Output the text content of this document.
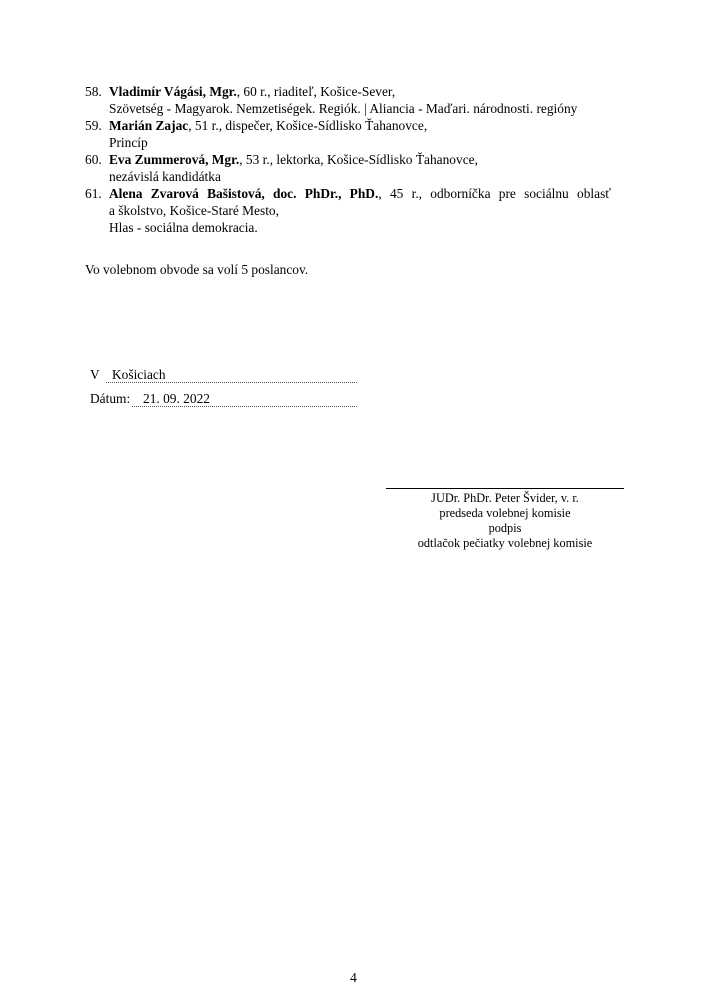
58. Vladimír Vágási, Mgr., 60 r., riaditeľ, Košice-Sever,
Szövetség - Magyarok. Nemzetiségek. Regiók. | Aliancia - Maďari. národnosti. regióny
59. Marián Zajac, 51 r., dispečer, Košice-Sídlisko Ťahanovce,
Princíp
60. Eva Zummerová, Mgr., 53 r., lektorka, Košice-Sídlisko Ťahanovce,
nezávislá kandidátka
61. Alena Zvarová Bašistová, doc. PhDr., PhD., 45 r., odborníčka pre sociálnu oblasť
a školstvo, Košice-Staré Mesto,
Hlas - sociálna demokracia.
Vo volebnom obvode sa volí 5 poslancov.
V Košiciach
Dátum: 21. 09. 2022
JUDr. PhDr. Peter Švider, v. r.
predseda volebnej komisie
podpis
odtlačok pečiatky volebnej komisie
4
